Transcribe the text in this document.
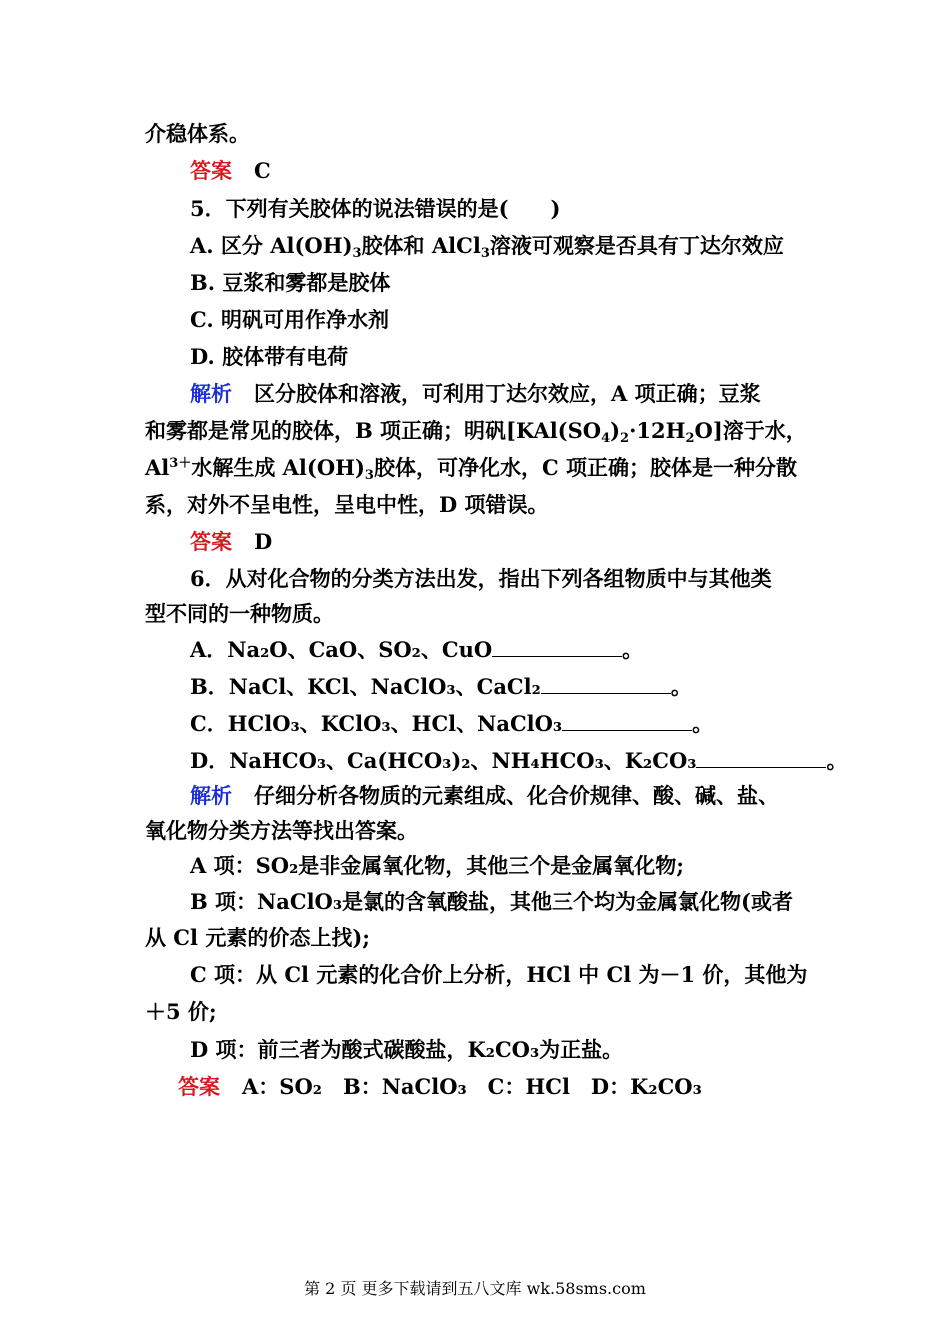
介稳体系。
答案 C
5．下列有关胶体的说法错误的是(　　)
A. 区分 $Al(OH)_3$胶体和 AlCl$_3$溶液可观察是否具有丁达尔效应
B. 豆浆和雾都是胶体
C. 明矾可用作净水剂
D. 胶体带有电荷
解析 区分胶体和溶液，可利用丁达尔效应，A 项正确；豆浆
和雾都是常见的胶体，B 项正确；明矾$[KAl(SO_4)_2\cdot 12H_2O]$溶于水，
$Al^{3+}$水解生成 $Al(OH)_3$胶体，可净化水，C 项正确；胶体是一种分散
系，对外不呈电性，呈电中性，D 项错误。
答案 D
6．从对化合物的分类方法出发，指出下列各组物质中与其他类
型不同的一种物质。
A．Na₂O、CaO、SO₂、CuO	。
B．NaCl、KCl、NaClO₃、CaCl₂	。
C．HClO₃、KClO₃、HCl、NaClO₃	。
D．NaHCO₃、Ca(HCO₃)₂、NH₄HCO₃、K₂CO₃	。
解析 仔细分析各物质的元素组成、化合价规律、酸、碱、盐、
氧化物分类方法等找出答案。
A 项：SO₂是非金属氧化物，其他三个是金属氧化物;
B 项：NaClO₃是氯的含氧酸盐，其他三个均为金属氯化物(或者
从 Cl 元素的价态上找);
C 项：从 Cl 元素的化合价上分析，HCl 中 Cl 为－1 价，其他为
＋5 价;
D 项：前三者为酸式碳酸盐，K₂CO₃为正盐。
答案 A：SO₂　B：NaClO₃　C：HCl　D：K₂CO₃
第 2 页 更多下载请到五八文库 wk.58sms.com
